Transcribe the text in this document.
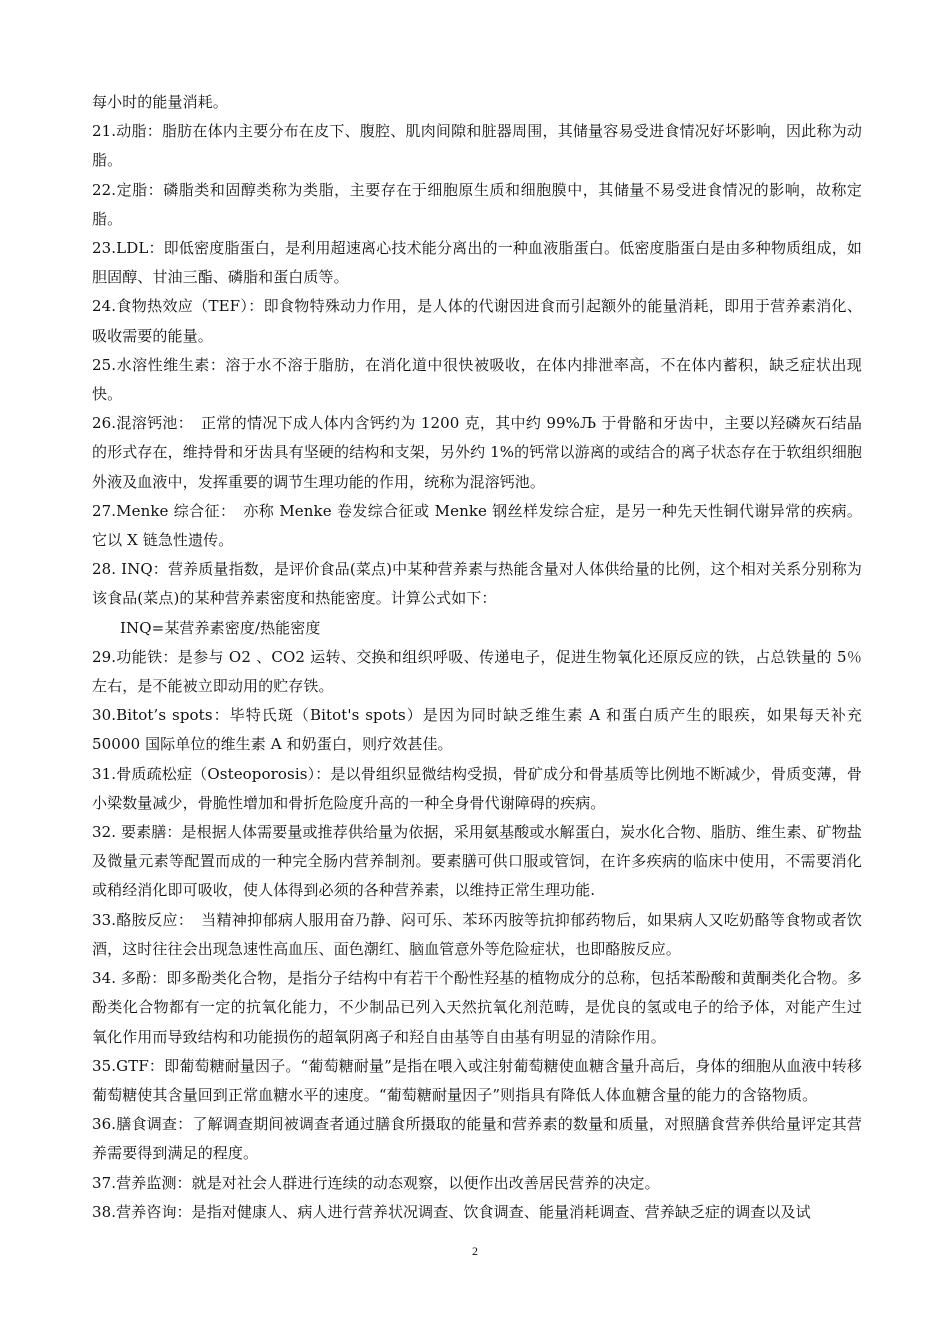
每小时的能量消耗。

21.动脂：脂肪在体内主要分布在皮下、腹腔、肌肉间隙和脏器周围，其储量容易受进食情况好坏影响，因此称为动脂。

22.定脂：磷脂类和固醇类称为类脂，主要存在于细胞原生质和细胞膜中，其储量不易受进食情况的影响，故称定脂。

23.LDL：即低密度脂蛋白，是利用超速离心技术能分离出的一种血液脂蛋白。低密度脂蛋白是由多种物质组成，如胆固醇、甘油三酯、磷脂和蛋白质等。

24.食物热效应（TEF）：即食物特殊动力作用，是人体的代谢因进食而引起额外的能量消耗，即用于营养素消化、吸收需要的能量。

25.水溶性维生素：溶于水不溶于脂肪，在消化道中很快被吸收，在体内排泄率高，不在体内蓄积，缺乏症状出现快。

26.混溶钙池：　正常的情况下成人体内含钙约为 1200 克，其中约 99%Љ 于骨骼和牙齿中，主要以羟磷灰石结晶的形式存在，维持骨和牙齿具有坚硬的结构和支架，另外约 1%的钙常以游离的或结合的离子状态存在于软组织细胞外液及血液中，发挥重要的调节生理功能的作用，统称为混溶钙池。

27.Menke 综合征：　亦称 Menke 卷发综合征或 Menke 钢丝样发综合症，是另一种先天性铜代谢异常的疾病。它以 X 链急性遗传。

28. INQ：营养质量指数，是评价食品(菜点)中某种营养素与热能含量对人体供给量的比例，这个相对关系分别称为该食品(菜点)的某种营养素密度和热能密度。计算公式如下：

INQ=某营养素密度/热能密度

29.功能铁：是参与 O2 、CO2 运转、交换和组织呼吸、传递电子，促进生物氧化还原反应的铁，占总铁量的 5％左右，是不能被立即动用的贮存铁。

30.Bitot’s spots：毕特氏斑（Bitot's spots）是因为同时缺乏维生素 A 和蛋白质产生的眼疾，如果每天补充 50000 国际单位的维生素 A 和奶蛋白，则疗效甚佳。

31.骨质疏松症（Osteoporosis）：是以骨组织显微结构受损，骨矿成分和骨基质等比例地不断减少，骨质变薄，骨小梁数量减少，骨脆性增加和骨折危险度升高的一种全身骨代谢障碍的疾病。

32. 要素膳：是根据人体需要量或推荐供给量为依据，采用氨基酸或水解蛋白，炭水化合物、脂肪、维生素、矿物盐及微量元素等配置而成的一种完全肠内营养制剂。要素膳可供口服或管饲，在许多疾病的临床中使用，不需要消化或稍经消化即可吸收，使人体得到必须的各种营养素，以维持正常生理功能.

33.酪胺反应：　当精神抑郁病人服用奋乃静、闷可乐、苯环丙胺等抗抑郁药物后，如果病人又吃奶酪等食物或者饮酒，这时往往会出现急速性高血压、面色潮红、脑血管意外等危险症状，也即酪胺反应。

34. 多酚：即多酚类化合物，是指分子结构中有若干个酚性羟基的植物成分的总称，包括苯酚酸和黄酮类化合物。多酚类化合物都有一定的抗氧化能力，不少制品已列入天然抗氧化剂范畴，是优良的氢或电子的给予体，对能产生过氧化作用而导致结构和功能损伤的超氧阴离子和羟自由基等自由基有明显的清除作用。

35.GTF：即葡萄糖耐量因子。“葡萄糖耐量”是指在喂入或注射葡萄糖使血糖含量升高后，身体的细胞从血液中转移葡萄糖使其含量回到正常血糖水平的速度。“葡萄糖耐量因子”则指具有降低人体血糖含量的能力的含铬物质。

36.膳食调查：了解调查期间被调查者通过膳食所摄取的能量和营养素的数量和质量，对照膳食营养供给量评定其营养需要得到满足的程度。

37.营养监测：就是对社会人群进行连续的动态观察，以便作出改善居民营养的决定。

38.营养咨询：是指对健康人、病人进行营养状况调查、饮食调查、能量消耗调查、营养缺乏症的调查以及试

2
